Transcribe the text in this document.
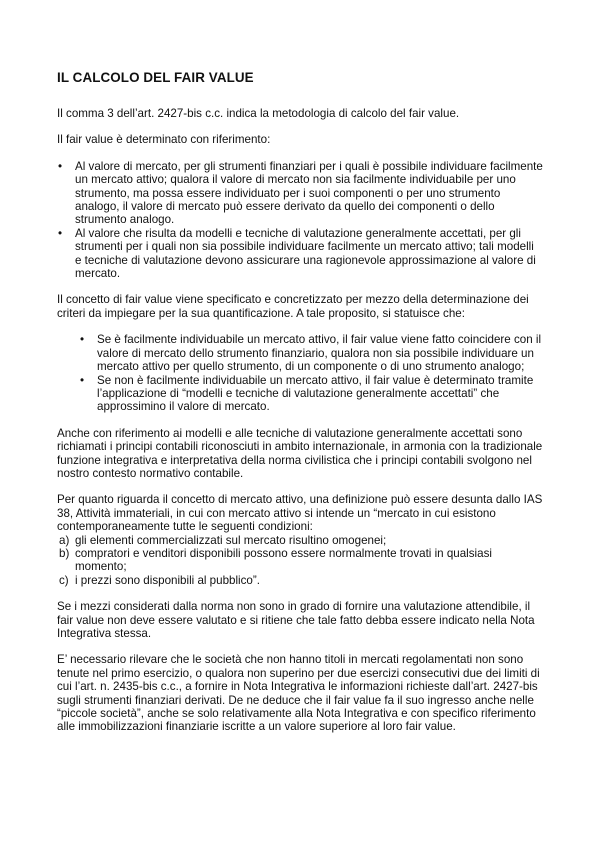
IL CALCOLO DEL FAIR VALUE

Il comma 3 dell’art. 2427-bis c.c. indica la metodologia di calcolo del fair value.

Il fair value è determinato con riferimento:

• Al valore di mercato, per gli strumenti finanziari per i quali è possibile individuare facilmente un mercato attivo; qualora il valore di mercato non sia facilmente individuabile per uno strumento, ma possa essere individuato per i suoi componenti o per uno strumento analogo, il valore di mercato può essere derivato da quello dei componenti o dello strumento analogo.
• Al valore che risulta da modelli e tecniche di valutazione generalmente accettati, per gli strumenti per i quali non sia possibile individuare facilmente un mercato attivo; tali modelli e tecniche di valutazione devono assicurare una ragionevole approssimazione al valore di mercato.

Il concetto di fair value viene specificato e concretizzato per mezzo della determinazione dei criteri da impiegare per la sua quantificazione. A tale proposito, si statuisce che:

• Se è facilmente individuabile un mercato attivo, il fair value viene fatto coincidere con il valore di mercato dello strumento finanziario, qualora non sia possibile individuare un mercato attivo per quello strumento, di un componente o di uno strumento analogo;
• Se non è facilmente individuabile un mercato attivo, il fair value è determinato tramite l’applicazione di “modelli e tecniche di valutazione generalmente accettati” che approssimino il valore di mercato.

Anche con riferimento ai modelli e alle tecniche di valutazione generalmente accettati sono richiamati i principi contabili riconosciuti in ambito internazionale, in armonia con la tradizionale funzione integrativa e interpretativa della norma civilistica che i principi contabili svolgono nel nostro contesto normativo contabile.

Per quanto riguarda il concetto di mercato attivo, una definizione può essere desunta dallo IAS 38, Attività immateriali, in cui con mercato attivo si intende un “mercato in cui esistono contemporaneamente tutte le seguenti condizioni:

a) gli elementi commercializzati sul mercato risultino omogenei;
b) compratori e venditori disponibili possono essere normalmente trovati in qualsiasi momento;
c) i prezzi sono disponibili al pubblico”.

Se i mezzi considerati dalla norma non sono in grado di fornire una valutazione attendibile, il fair value non deve essere valutato e si ritiene che tale fatto debba essere indicato nella Nota Integrativa stessa.

E’ necessario rilevare che le società che non hanno titoli in mercati regolamentati non sono tenute nel primo esercizio, o qualora non superino per due esercizi consecutivi due dei limiti di cui l’art. n. 2435-bis c.c., a fornire in Nota Integrativa le informazioni richieste dall’art. 2427-bis sugli strumenti finanziari derivati. De ne deduce che il fair value fa il suo ingresso anche nelle “piccole società”, anche se solo relativamente alla Nota Integrativa e con specifico riferimento alle immobilizzazioni finanziarie iscritte a un valore superiore al loro fair value.
